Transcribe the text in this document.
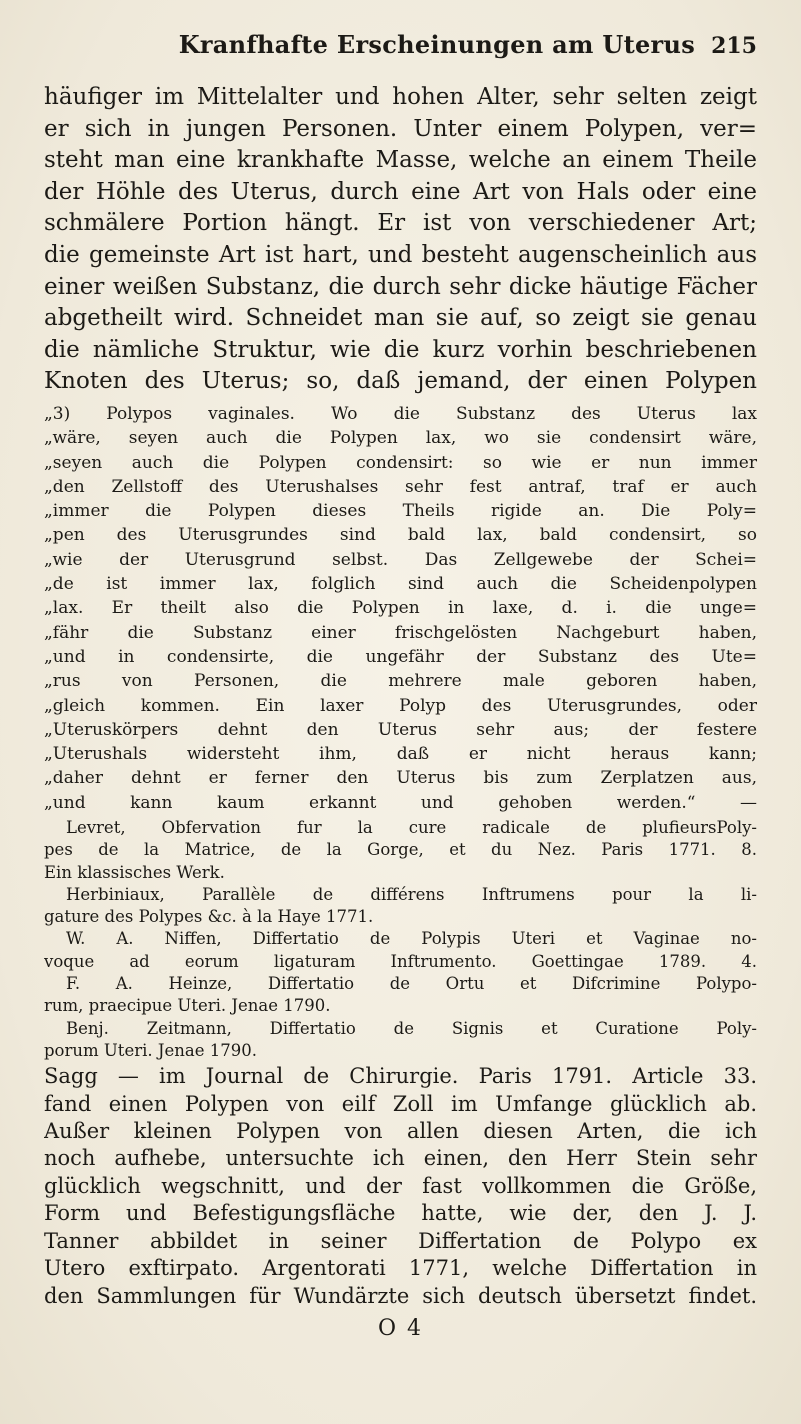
Kranfhafte Erscheinungen am Uterus 215
häufiger im Mittelalter und hohen Alter, sehr selten zeigt
er sich in jungen Personen. Unter einem Polypen, ver=
steht man eine krankhafte Masse, welche an einem Theile
der Höhle des Uterus, durch eine Art von Hals oder eine
schmälere Portion hängt. Er ist von verschiedener Art;
die gemeinste Art ist hart, und besteht augenscheinlich aus
einer weißen Substanz, die durch sehr dicke häutige Fächer
abgetheilt wird. Schneidet man sie auf, so zeigt sie genau
die nämliche Struktur, wie die kurz vorhin beschriebenen
Knoten des Uterus; so, daß jemand, der einen Polypen
„3) Polypos vaginales. Wo die Substanz des Uterus lax
„wäre, seyen auch die Polypen lax, wo sie condensirt wäre,
„seyen auch die Polypen condensirt: so wie er nun immer
„den Zellstoff des Uterushalses sehr fest antraf, traf er auch
„immer die Polypen dieses Theils rigide an. Die Poly=
„pen des Uterusgrundes sind bald lax, bald condensirt, so
„wie der Uterusgrund selbst. Das Zellgewebe der Schei=
„de ist immer lax, folglich sind auch die Scheidenpolypen
„lax. Er theilt also die Polypen in laxe, d. i. die unge=
„fähr die Substanz einer frischgelösten Nachgeburt haben,
„und in condensirte, die ungefähr der Substanz des Ute=
„rus von Personen, die mehrere male geboren haben,
„gleich kommen. Ein laxer Polyp des Uterusgrundes, oder
„Uteruskörpers dehnt den Uterus sehr aus; der festere
„Uterushals widersteht ihm, daß er nicht heraus kann;
„daher dehnt er ferner den Uterus bis zum Zerplatzen aus,
„und kann kaum erkannt und gehoben werden.“ —
Levret, Obfervation fur la cure radicale de plufieursPoly-
pes de la Matrice, de la Gorge, et du Nez. Paris 1771. 8.
Ein klassisches Werk.
Herbiniaux, Parallèle de différens Inftrumens pour la li-
gature des Polypes &c. à la Haye 1771.
W. A. Niffen, Differtatio de Polypis Uteri et Vaginae no-
voque ad eorum ligaturam Inftrumento. Goettingae 1789. 4.
F. A. Heinze, Differtatio de Ortu et Difcrimine Polypo-
rum, praecipue Uteri. Jenae 1790.
Benj. Zeitmann, Differtatio de Signis et Curatione Poly-
porum Uteri. Jenae 1790.
Sagg — im Journal de Chirurgie. Paris 1791. Article 33.
fand einen Polypen von eilf Zoll im Umfange glücklich ab.
Außer kleinen Polypen von allen diesen Arten, die ich
noch aufhebe, untersuchte ich einen, den Herr Stein sehr
glücklich wegschnitt, und der fast vollkommen die Größe,
Form und Befestigungsfläche hatte, wie der, den J. J.
Tanner abbildet in seiner Differtation de Polypo ex
Utero exftirpato. Argentorati 1771, welche Differtation in
den Sammlungen für Wundärzte sich deutsch übersetzt findet.
O 4
